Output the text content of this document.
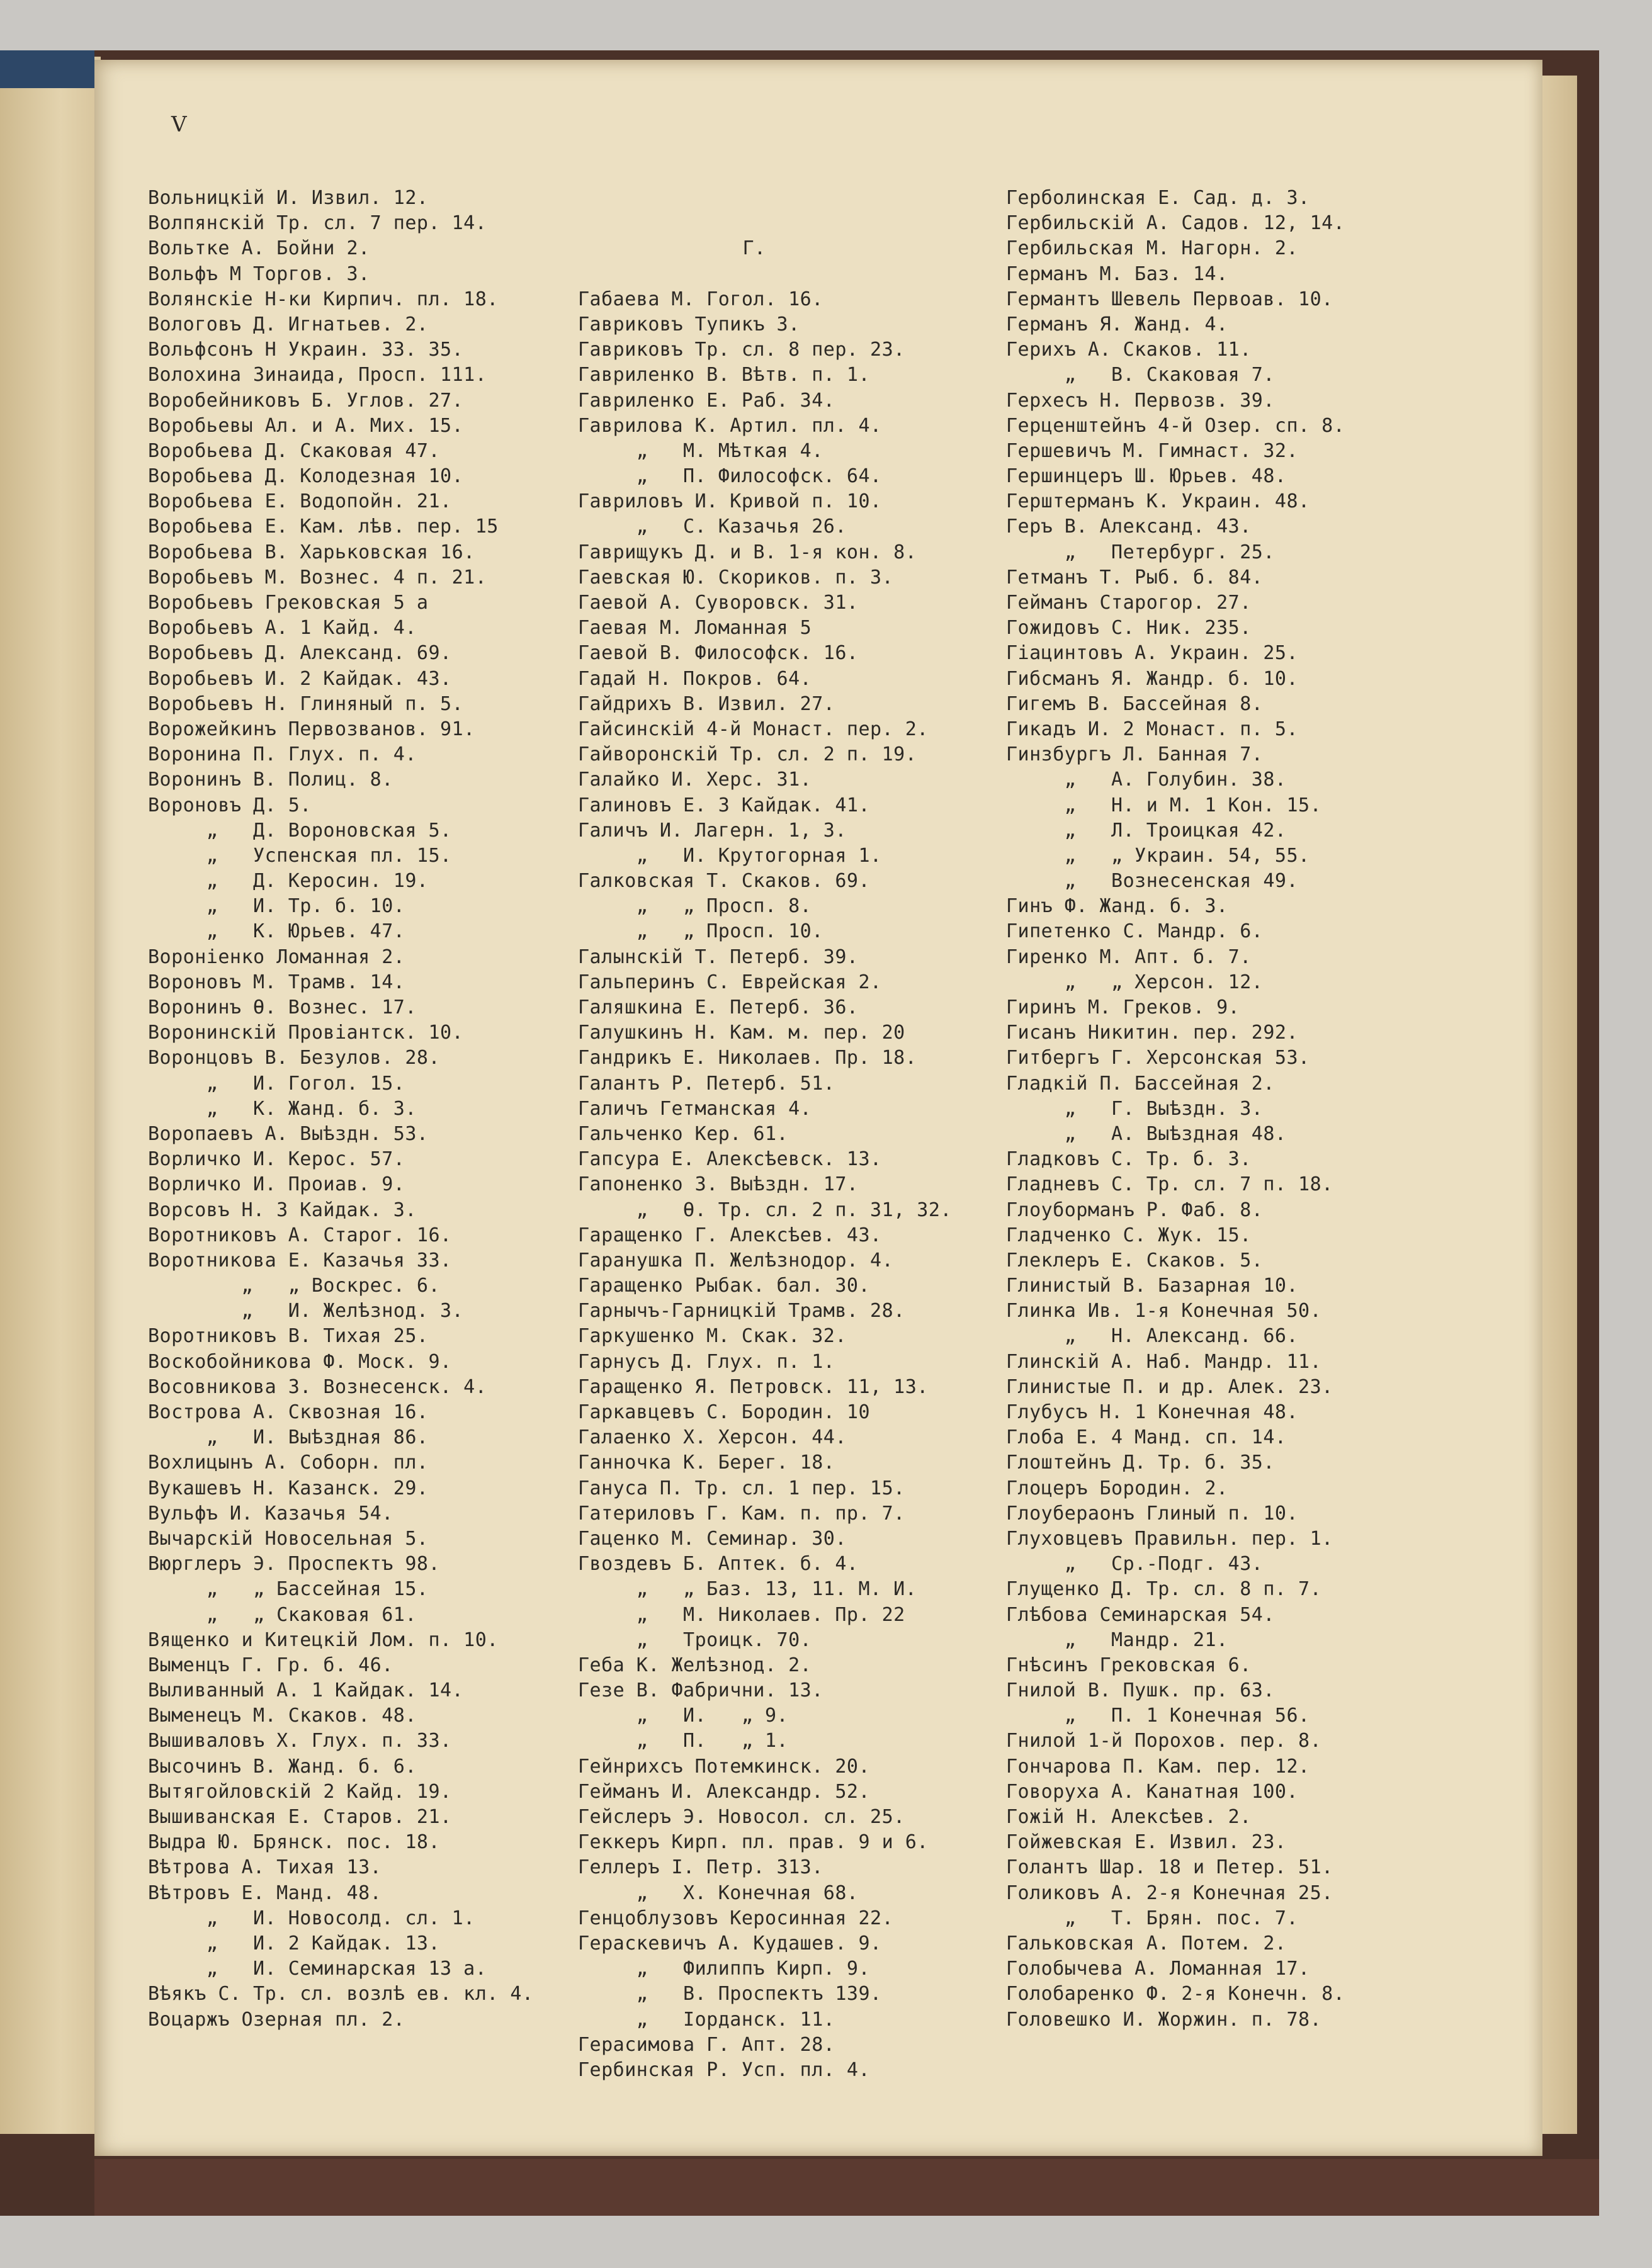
V
Вольницкій И. Извил. 12.
Волпянскій Тр. сл. 7 пер. 14.
Вольтке А. Бойни 2.
Вольфъ М Торгов. 3.
Волянскіе Н-ки Кирпич. пл. 18.
Вологовъ Д. Игнатьев. 2.
Вольфсонъ Н Украин. 33. 35.
Волохина Зинаида, Просп. 111.
Воробейниковъ Б. Углов. 27.
Воробьевы Ал. и А. Мих. 15.
Воробьева Д. Скаковая 47.
Воробьева Д. Колодезная 10.
Воробьева Е. Водопойн. 21.
Воробьева Е. Кам. лѣв. пер. 15
Воробьева В. Харьковская 16.
Воробьевъ М. Вознес. 4 п. 21.
Воробьевъ Грековская 5 а
Воробьевъ А. 1 Кайд. 4.
Воробьевъ Д. Александ. 69.
Воробьевъ И. 2 Кайдак. 43.
Воробьевъ Н. Глиняный п. 5.
Ворожейкинъ Первозванов. 91.
Воронина П. Глух. п. 4.
Воронинъ В. Полиц. 8.
Вороновъ Д. 5.
„   Д. Вороновская 5.
„   Успенская пл. 15.
„   Д. Керосин. 19.
„   И. Тр. б. 10.
„   К. Юрьев. 47.
Воронiенко Ломанная 2.
Вороновъ М. Трамв. 14.
Воронинъ Ѳ. Вознес. 17.
Воронинскій Провіантск. 10.
Воронцовъ В. Безулов. 28.
„   И. Гогол. 15.
„   К. Жанд. б. 3.
Воропаевъ А. Выѣздн. 53.
Ворличко И. Керос. 57.
Ворличко И. Проиав. 9.
Ворсовъ Н. 3 Кайдак. 3.
Воротниковъ А. Старог. 16.
Воротникова Е. Казачья 33.
„   „ Воскрес. 6.
„   И. Желѣзнод. 3.
Воротниковъ В. Тихая 25.
Воскобойникова Ф. Моск. 9.
Восовникова З. Вознесенск. 4.
Вострова А. Сквозная 16.
„   И. Выѣздная 86.
Вохлицынъ А. Соборн. пл.
Вукашевъ Н. Казанск. 29.
Вульфъ И. Казачья 54.
Вычарскій Новосельная 5.
Вюрглеръ Э. Проспектъ 98.
„   „ Бассейная 15.
„   „ Скаковая 61.
Вященко и Китецкій Лом. п. 10.
Выменцъ Г. Гр. б. 46.
Выливанный А. 1 Кайдак. 14.
Выменецъ М. Скаков. 48.
Вышиваловъ Х. Глух. п. 33.
Высочинъ В. Жанд. б. 6.
Вытягойловскій 2 Кайд. 19.
Вышиванская Е. Старов. 21.
Выдра Ю. Брянск. пос. 18.
Вѣтрова А. Тихая 13.
Вѣтровъ Е. Манд. 48.
„   И. Новосолд. сл. 1.
„   И. 2 Кайдак. 13.
„   И. Семинарская 13 а.
Вѣякъ С. Тр. сл. возлѣ ев. кл. 4.
Воцаржъ Озерная пл. 2.

Г.

Габаева М. Гогол. 16.
Гавриковъ Тупикъ 3.
Гавриковъ Тр. сл. 8 пер. 23.
Гавриленко В. Вѣтв. п. 1.
Гавриленко Е. Раб. 34.
Гаврилова К. Артил. пл. 4.
„   М. Мѣткая 4.
„   П. Философск. 64.
Гавриловъ И. Кривой п. 10.
„   С. Казачья 26.
Гаврищукъ Д. и В. 1-я кон. 8.
Гаевская Ю. Скориков. п. 3.
Гаевой А. Суворовск. 31.
Гаевая М. Ломанная 5
Гаевой В. Философск. 16.
Гадай Н. Покров. 64.
Гайдрихъ В. Извил. 27.
Гайсинскій 4-й Монаст. пер. 2.
Гайворонскій Тр. сл. 2 п. 19.
Галайко И. Херс. 31.
Галиновъ Е. 3 Кайдак. 41.
Галичъ И. Лагерн. 1, 3.
„   И. Крутогорная 1.
Галковская Т. Скаков. 69.
„   „ Просп. 8.
„   „ Просп. 10.
Галынскій Т. Петерб. 39.
Гальперинъ С. Еврейская 2.
Галяшкина Е. Петерб. 36.
Галушкинъ Н. Кам. м. пер. 20
Гандрикъ Е. Николаев. Пр. 18.
Галантъ Р. Петерб. 51.
Галичъ Гетманская 4.
Гальченко Кер. 61.
Гапсура Е. Алексѣевск. 13.
Гапоненко З. Выѣздн. 17.
„   Ѳ. Тр. сл. 2 п. 31, 32.
Гаращенко Г. Алексѣев. 43.
Гаранушка П. Желѣзнодор. 4.
Гаращенко Рыбак. бал. 30.
Гарнычъ-Гарницкій Трамв. 28.
Гаркушенко М. Скак. 32.
Гарнусъ Д. Глух. п. 1.
Гаращенко Я. Петровск. 11, 13.
Гаркавцевъ С. Бородин. 10
Галаенко Х. Херсон. 44.
Ганночка К. Берег. 18.
Гануса П. Тр. сл. 1 пер. 15.
Гатериловъ Г. Кам. п. пр. 7.
Гаценко М. Семинар. 30.
Гвоздевъ Б. Аптек. б. 4.
„   „ Баз. 13, 11. М. И.
„   М. Николаев. Пр. 22
„   Троицк. 70.
Геба К. Желѣзнод. 2.
Гезе В. Фабрични. 13.
„   И.   „ 9.
„   П.   „ 1.
Гейнрихсъ Потемкинск. 20.
Гейманъ И. Александр. 52.
Гейслеръ Э. Новосол. сл. 25.
Геккеръ Кирп. пл. прав. 9 и 6.
Геллеръ I. Петр. 313.
„   Х. Конечная 68.
Генцоблузовъ Керосинная 22.
Гераскевичъ А. Кудашев. 9.
„   Филиппъ Кирп. 9.
„   В. Проспектъ 139.
„   Iорданск. 11.
Герасимова Г. Апт. 28.
Гербинская Р. Усп. пл. 4.
Герболинская Е. Сад. д. 3.
Гербильскій А. Садов. 12, 14.
Гербильская М. Нагорн. 2.
Германъ М. Баз. 14.
Германтъ Шевель Первоав. 10.
Германъ Я. Жанд. 4.
Герихъ А. Скаков. 11.
„   В. Скаковая 7.
Герхесъ Н. Первозв. 39.
Герценштейнъ 4-й Озер. сп. 8.
Гершевичъ М. Гимнаст. 32.
Гершинцеръ Ш. Юрьев. 48.
Герштерманъ К. Украин. 48.
Геръ В. Александ. 43.
„   Петербург. 25.
Гетманъ Т. Рыб. б. 84.
Гейманъ Старогор. 27.
Гожидовъ С. Ник. 235.
Гіацинтовъ А. Украин. 25.
Гибсманъ Я. Жандр. б. 10.
Гигемъ В. Бассейная 8.
Гикадъ И. 2 Монаст. п. 5.
Гинзбургъ Л. Банная 7.
„   А. Голубин. 38.
„   Н. и М. 1 Кон. 15.
„   Л. Троицкая 42.
„   „ Украин. 54, 55.
„   Вознесенская 49.
Гинъ Ф. Жанд. б. 3.
Гипетенко С. Мандр. 6.
Гиренко М. Апт. б. 7.
„   „ Херсон. 12.
Гиринъ М. Греков. 9.
Гисанъ Никитин. пер. 292.
Гитбергъ Г. Херсонская 53.
Гладкій П. Бассейная 2.
„   Г. Выѣздн. 3.
„   А. Выѣздная 48.
Гладковъ С. Тр. б. 3.
Гладневъ С. Тр. сл. 7 п. 18.
Глоуборманъ Р. Фаб. 8.
Гладченко С. Жук. 15.
Глеклеръ Е. Скаков. 5.
Глинистый В. Базарная 10.
Глинка Ив. 1-я Конечная 50.
„   Н. Александ. 66.
Глинскій А. Наб. Мандр. 11.
Глинистые П. и др. Алек. 23.
Глубусъ Н. 1 Конечная 48.
Глоба Е. 4 Манд. сп. 14.
Глоштейнъ Д. Тр. б. 35.
Глоцеръ Бородин. 2.
Глоубераонъ Глиный п. 10.
Глуховцевъ Правильн. пер. 1.
„   Ср.-Подг. 43.
Глущенко Д. Тр. сл. 8 п. 7.
Глѣбова Семинарская 54.
„   Мандр. 21.
Гнѣсинъ Грековская 6.
Гнилой В. Пушк. пр. 63.
„   П. 1 Конечная 56.
Гнилой 1-й Порохов. пер. 8.
Гончарова П. Кам. пер. 12.
Говоруха А. Канатная 100.
Гожій Н. Алексѣев. 2.
Гойжевская Е. Извил. 23.
Голантъ Шар. 18 и Петер. 51.
Голиковъ А. 2-я Конечная 25.
„   Т. Брян. пос. 7.
Гальковская А. Потем. 2.
Голобычева А. Ломанная 17.
Голобаренко Ф. 2-я Конечн. 8.
Головешко И. Жоржин. п. 78.
